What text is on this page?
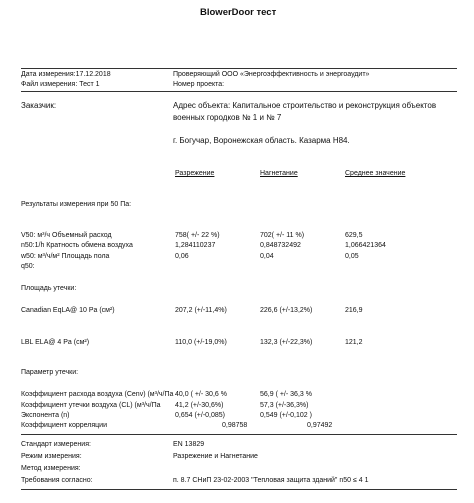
BlowerDoor тест
Дата измерения:17.12.2018	Проверяющий ООО «Энергоэффективность и энергоаудит»
Файл измерения: Тест 1	Номер проекта:
Заказчик:	Адрес объекта: Капитальное строительство и реконструкция объектов
военных городков № 1 и № 7
г. Богучар, Воронежская область. Казарма Н84.
Разрежение	Нагнетание	Среднее значение
Результаты измерения при 50 Па:
V50: м³/ч Объемный расход	758( +/- 22 %)	702( +/- 11 %)	629,5
n50:1/h Кратность обмена воздуха	1,284110237	0,848732492	1,066421364
w50: м³/ч/м² Площадь пола	0,06	0,04	0,05
q50:
Площадь утечки:
Canadian EqLA@ 10 Pa (см²)	207,2 (+/-11,4%)	226,6 (+/-13,2%)	216,9
LBL ELA@ 4 Pa (см²)	110,0 (+/-19,0%)	132,3 (+/-22,3%)	121,2
Параметр утечки:
Коэффициент расхода воздуха (Cenv) (м³/ч/Па 40,0 ( +/- 30,6 %	56,9 ( +/- 36,3 %
Коэффициент утечки воздуха (CL) (м³/ч/Па 41,2 (+/-30,6%)	57,3 (+/-36,3%)
Экспонента (n)	0,654 (+/-0,085)	0,549 (+/-0,102 )
Коэффициент корреляции	0,98758	0,97492
Стандарт измерения:	EN 13829
Режим измерения:	Разрежение и Нагнетание
Метод измерения:
Требования согласно:	п. 8.7 СНиП 23-02-2003 "Тепловая защита зданий" n50 ≤ 4 1
